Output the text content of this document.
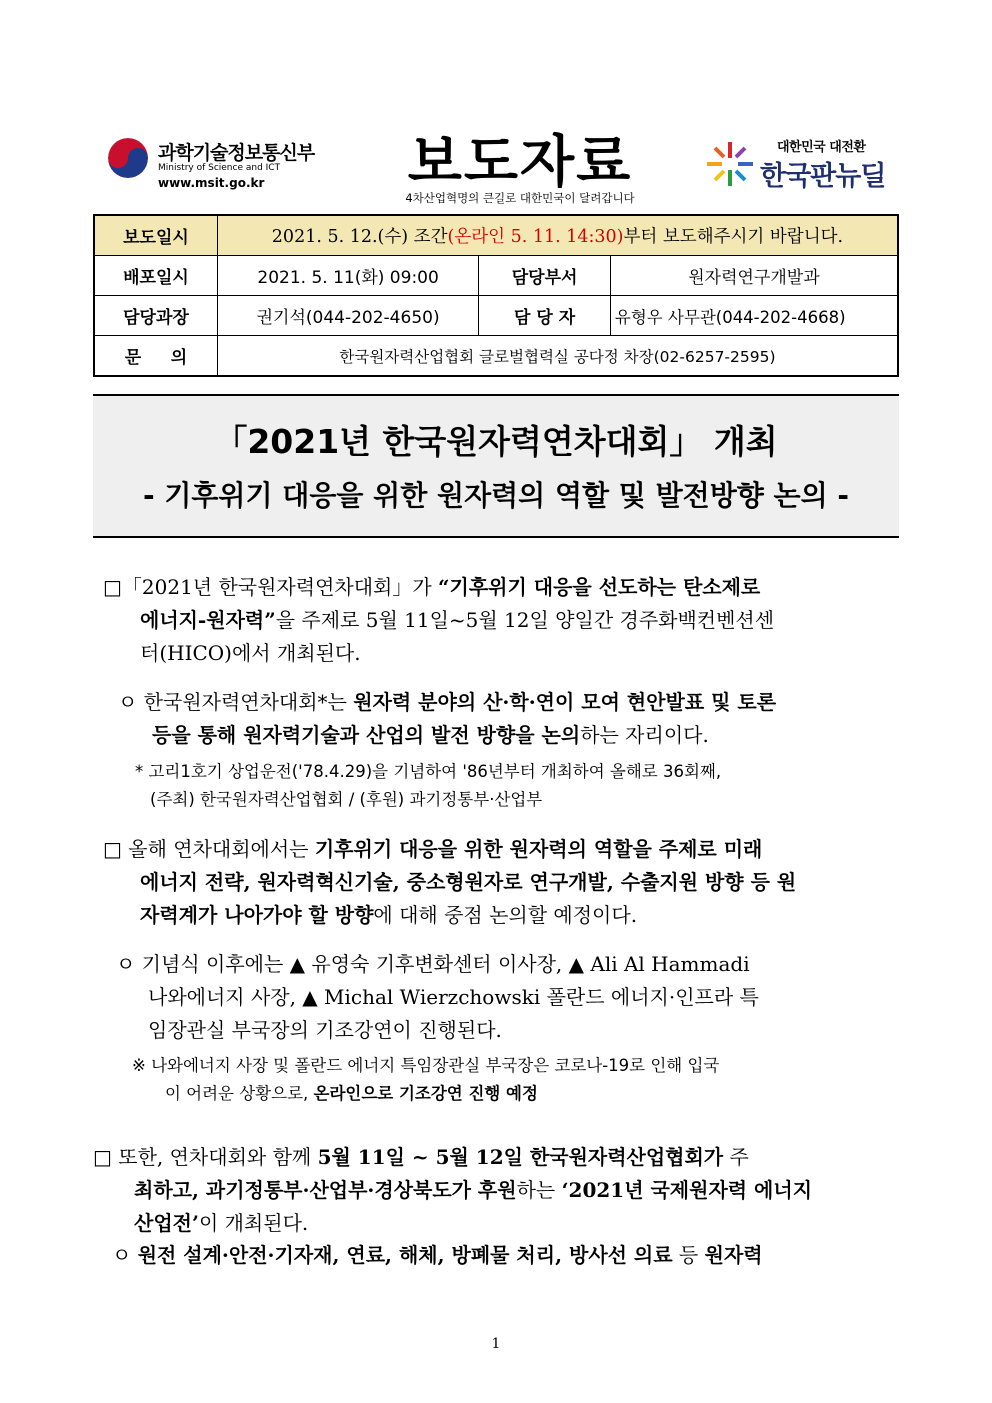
과학기술정보통신부
Ministry of Science and ICT
www.msit.go.kr	보도자료
4차산업혁명의 큰길로 대한민국이 달려갑니다
대한민국 대전환
한국판뉴딜
보도일시	2021. 5. 12.(수) 조간(온라인 5. 11. 14:30)부터 보도해주시기 바랍니다.		
배포일시	2021. 5. 11(화) 09:00	담당부서	원자력연구개발과
담당과장	권기석(044-202-4650)	담 당 자	유형우 사무관(044-202-4668)
문     의	한국원자력산업협회 글로벌협력실 공다정 차장(02-6257-2595)		
「2021년 한국원자력연차대회」 개최
- 기후위기 대응을 위한 원자력의 역할 및 발전방향 논의 -
□「2021년 한국원자력연차대회」가 “기후위기 대응을 선도하는 탄소제로
에너지-원자력”을 주제로 5월 11일~5월 12일 양일간 경주화백컨벤션센
터(HICO)에서 개최된다.
ㅇ 한국원자력연차대회*는 원자력 분야의 산·학·연이 모여 현안발표 및 토론
등을 통해 원자력기술과 산업의 발전 방향을 논의하는 자리이다.
* 고리1호기 상업운전('78.4.29)을 기념하여 '86년부터 개최하여 올해로 36회째,
(주최) 한국원자력산업협회 / (후원) 과기정통부·산업부
□ 올해 연차대회에서는 기후위기 대응을 위한 원자력의 역할을 주제로 미래
에너지 전략, 원자력혁신기술, 중소형원자로 연구개발, 수출지원 방향 등 원
자력계가 나아가야 할 방향에 대해 중점 논의할 예정이다.
ㅇ 기념식 이후에는 ▲ 유영숙 기후변화센터 이사장, ▲ Ali Al Hammadi
나와에너지 사장, ▲ Michal Wierzchowski 폴란드 에너지·인프라 특
임장관실 부국장의 기조강연이 진행된다.
※ 나와에너지 사장 및 폴란드 에너지 특임장관실 부국장은 코로나-19로 인해 입국
이 어려운 상황으로, 온라인으로 기조강연 진행 예정
□ 또한, 연차대회와 함께 5월 11일 ~ 5월 12일 한국원자력산업협회가 주
최하고, 과기정통부·산업부·경상북도가 후원하는 ‘2021년 국제원자력 에너지
산업전’이 개최된다.
ㅇ 원전 설계·안전·기자재, 연료, 해체, 방폐물 처리, 방사선 의료 등 원자력
1
